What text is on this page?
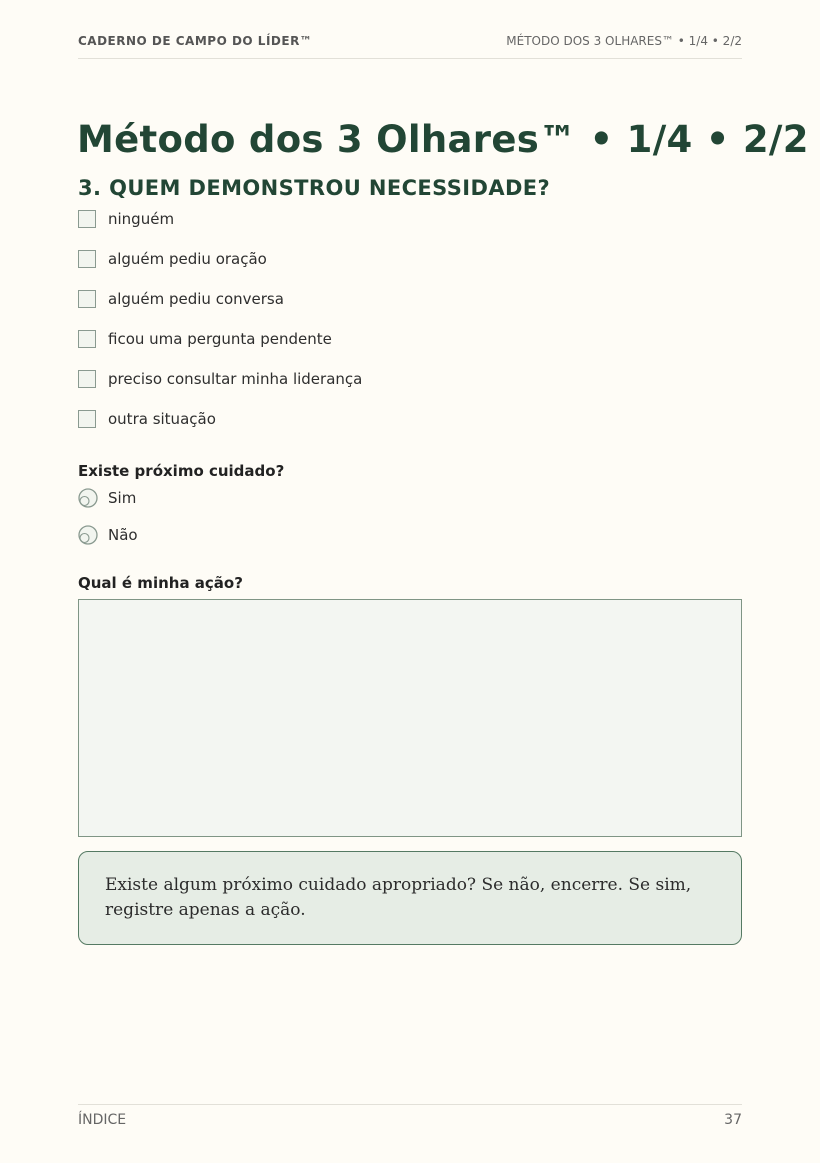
CADERNO DE CAMPO DO LÍDER™	MÉTODO DOS 3 OLHARES™ • 1/4 • 2/2
Método dos 3 Olhares™ • 1/4 • 2/2
3. QUEM DEMONSTROU NECESSIDADE?
ninguém
alguém pediu oração
alguém pediu conversa
ficou uma pergunta pendente
preciso consultar minha liderança
outra situação
Existe próximo cuidado?
Sim
Não
Qual é minha ação?
Existe algum próximo cuidado apropriado? Se não, encerre. Se sim, registre apenas a ação.
ÍNDICE	37
